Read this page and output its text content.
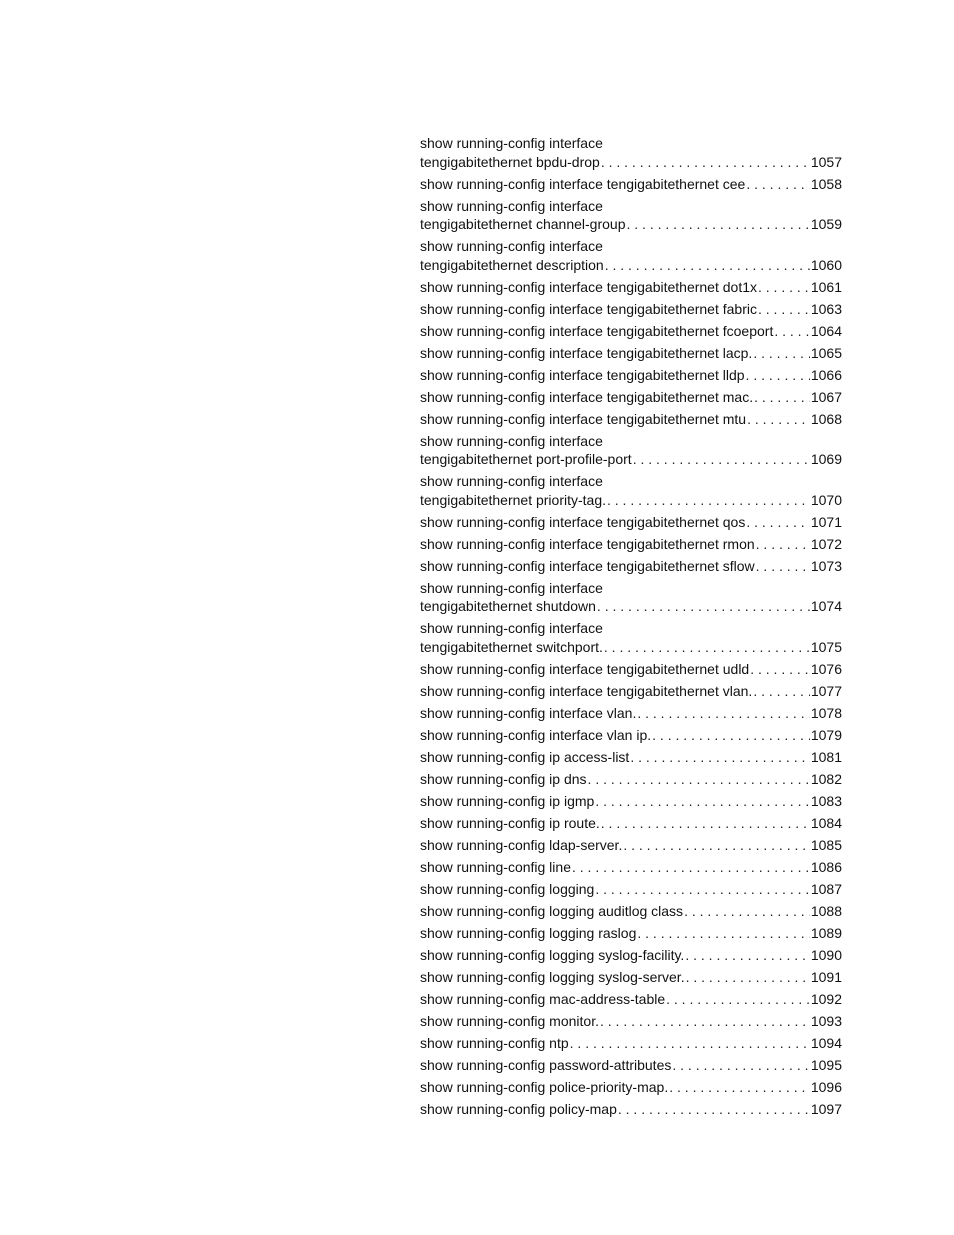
show running-config interface
tengigabitethernet bpdu-drop . . .	1057
show running-config interface tengigabitethernet cee . . .	1058
show running-config interface
tengigabitethernet channel-group . . .	1059
show running-config interface
tengigabitethernet description . . .	1060
show running-config interface tengigabitethernet dot1x . . .	1061
show running-config interface tengigabitethernet fabric . . .	1063
show running-config interface tengigabitethernet fcoeport . . .	1064
show running-config interface tengigabitethernet lacp. . . .	1065
show running-config interface tengigabitethernet lldp . . .	1066
show running-config interface tengigabitethernet mac. . . .	1067
show running-config interface tengigabitethernet mtu . . .	1068
show running-config interface
tengigabitethernet port-profile-port . . .	1069
show running-config interface
tengigabitethernet priority-tag. . . .	1070
show running-config interface tengigabitethernet qos . . .	1071
show running-config interface tengigabitethernet rmon . . .	1072
show running-config interface tengigabitethernet sflow . . .	1073
show running-config interface
tengigabitethernet shutdown . . .	1074
show running-config interface
tengigabitethernet switchport. . . .	1075
show running-config interface tengigabitethernet udld . . .	1076
show running-config interface tengigabitethernet vlan. . . .	1077
show running-config interface vlan. . . .	1078
show running-config interface vlan ip. . . .	1079
show running-config ip access-list . . .	1081
show running-config ip dns . . .	1082
show running-config ip igmp . . .	1083
show running-config ip route. . . .	1084
show running-config ldap-server. . . .	1085
show running-config line . . .	1086
show running-config logging . . .	1087
show running-config logging auditlog class . . .	1088
show running-config logging raslog . . .	1089
show running-config logging syslog-facility. . . .	1090
show running-config logging syslog-server. . . .	1091
show running-config mac-address-table . . .	1092
show running-config monitor. . . .	1093
show running-config ntp . . .	1094
show running-config password-attributes . . .	1095
show running-config police-priority-map. . . .	1096
show running-config policy-map . . .	1097
